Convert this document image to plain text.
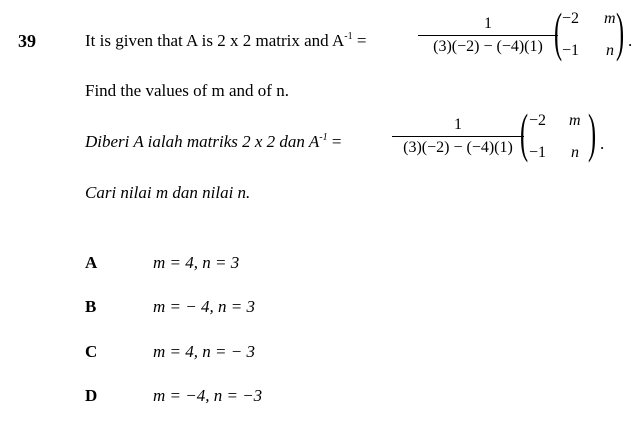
39	It is given that A is 2 x 2 matrix and $A^{-1}$ =
1
(3)(−2) − (−4)(1) ( −2 m
−1 n ) .
Find the values of m and of n.
Diberi A ialah matriks 2 x 2 dan $A^{-1}$ =
1
(3)(−2) − (−4)(1) ( −2 m
−1 n ) .
Cari nilai m dan nilai n.
A	m = 4, n = 3
B	m = − 4, n = 3
C	m = 4, n = − 3
D	m = −4, n = −3
